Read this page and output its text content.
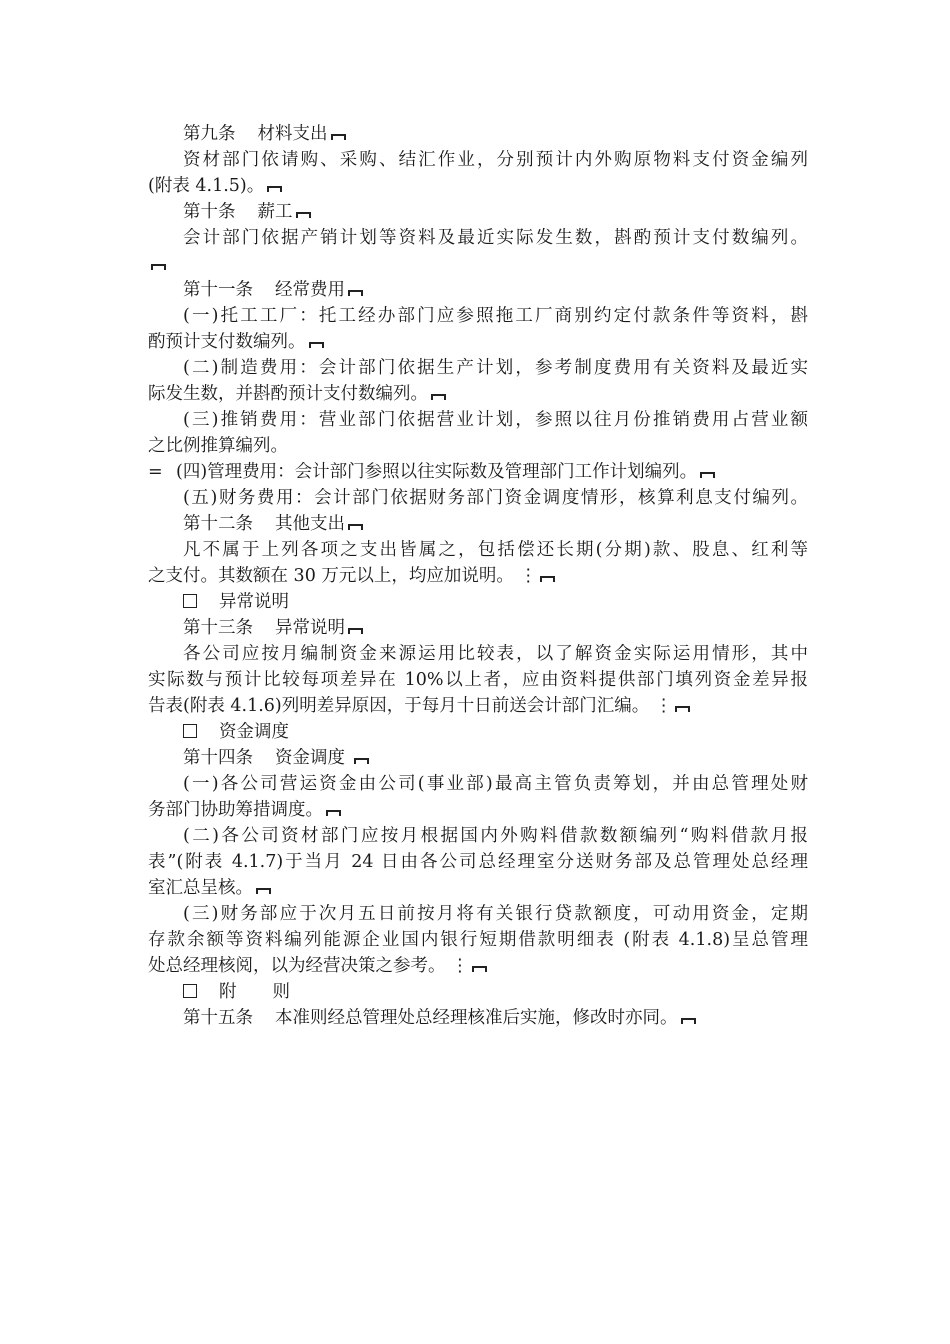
第九条 材料支出
资材部门依请购、采购、结汇作业，分别预计内外购原物料支付资金编列
(附表 4.1.5)。
第十条 薪工
会计部门依据产销计划等资料及最近实际发生数，斟酌预计支付数编列。
第十一条 经常费用
(一)托工工厂：托工经办部门应参照拖工厂商别约定付款条件等资料，斟
酌预计支付数编列。
(二)制造费用：会计部门依据生产计划，参考制度费用有关资料及最近实
际发生数，并斟酌预计支付数编列。
(三)推销费用：营业部门依据营业计划，参照以往月份推销费用占营业额
之比例推算编列。
= (四)管理费用：会计部门参照以往实际数及管理部门工作计划编列。
(五)财务费用：会计部门依据财务部门资金调度情形，核算利息支付编列。
第十二条 其他支出
凡不属于上列各项之支出皆属之，包括偿还长期(分期)款、股息、红利等
之支付。其数额在 30 万元以上，均应加说明。 ⋮
异常说明
第十三条 异常说明
各公司应按月编制资金来源运用比较表，以了解资金实际运用情形，其中
实际数与预计比较每项差异在 10%以上者，应由资料提供部门填列资金差异报
告表(附表 4.1.6)列明差异原因，于每月十日前送会计部门汇编。 ⋮
资金调度
第十四条 资金调度
(一)各公司营运资金由公司(事业部)最高主管负责筹划，并由总管理处财
务部门协助筹措调度。
(二)各公司资材部门应按月根据国内外购料借款数额编列“购料借款月报
表”(附表 4.1.7)于当月 24 日由各公司总经理室分送财务部及总管理处总经理
室汇总呈核。
(三)财务部应于次月五日前按月将有关银行贷款额度，可动用资金，定期
存款余额等资料编列能源企业国内银行短期借款明细表 (附表 4.1.8)呈总管理
处总经理核阅，以为经营决策之参考。 ⋮
附 则
第十五条 本准则经总管理处总经理核准后实施，修改时亦同。
